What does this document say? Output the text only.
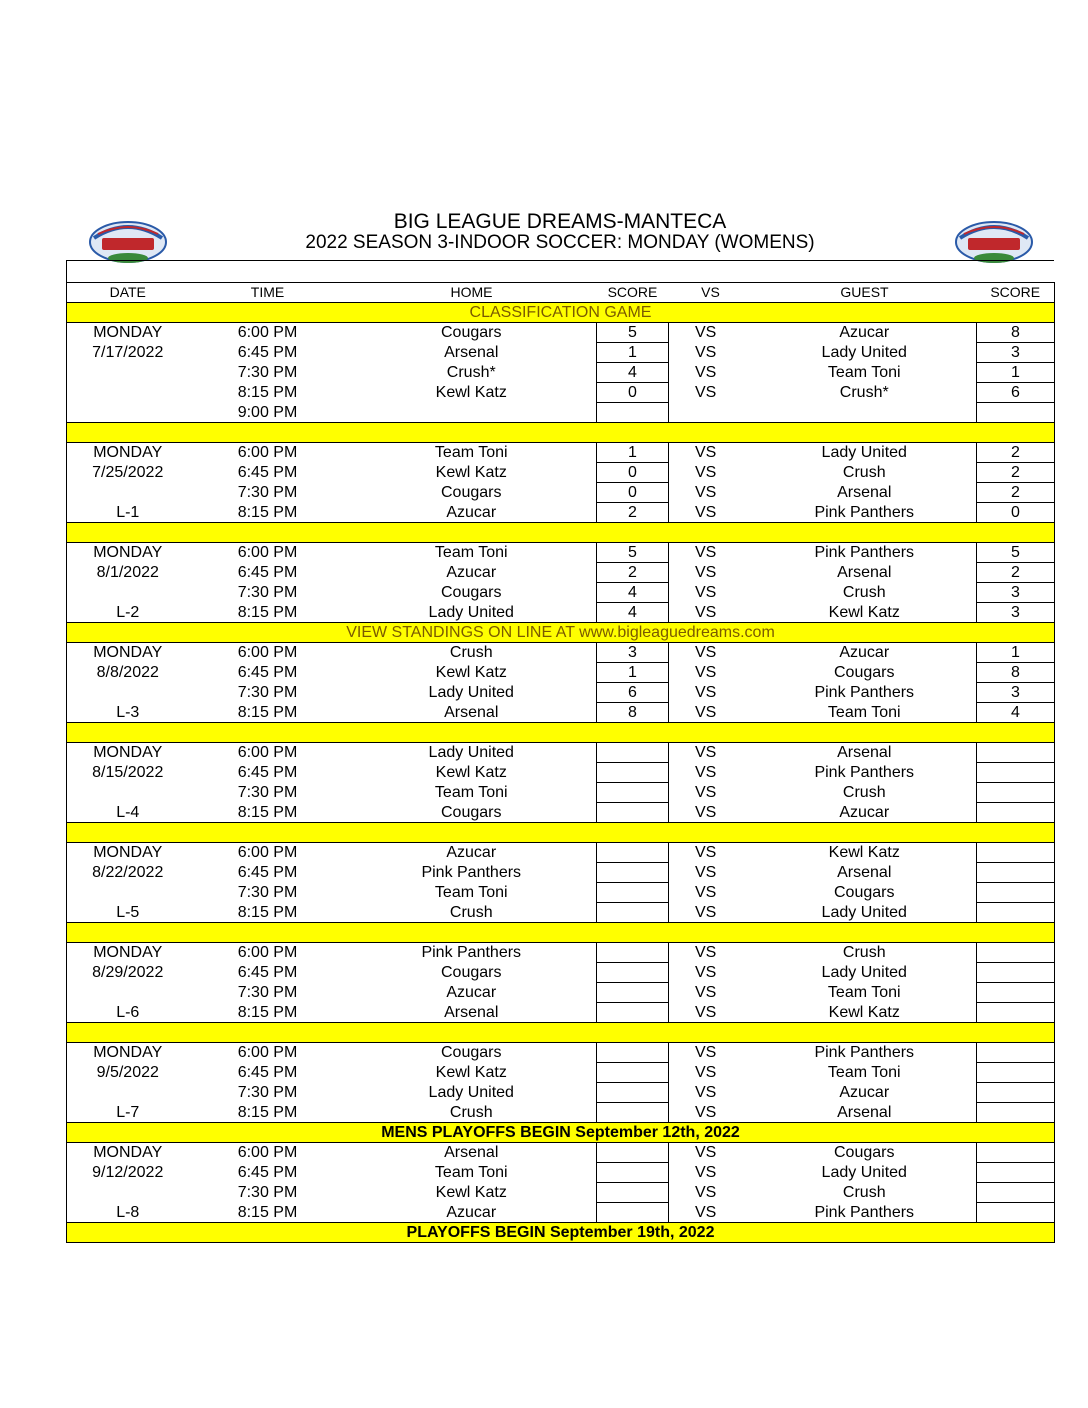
BIG LEAGUE DREAMS-MANTECA
2022 SEASON 3-INDOOR SOCCER: MONDAY (WOMENS)
DATE	TIME	HOME	SCORE	VS	GUEST	SCORE
CLASSIFICATION GAME						
MONDAY	6:00 PM	Cougars	5	VS	Azucar	8
7/17/2022	6:45 PM	Arsenal	1	VS	Lady United	3
	7:30 PM	Crush*	4	VS	Team Toni	1
	8:15 PM	Kewl Katz	0	VS	Crush*	6
	9:00 PM					

MONDAY	6:00 PM	Team Toni	1	VS	Lady United	2
7/25/2022	6:45 PM	Kewl Katz	0	VS	Crush	2
	7:30 PM	Cougars	0	VS	Arsenal	2
L-1	8:15 PM	Azucar	2	VS	Pink Panthers	0

MONDAY	6:00 PM	Team Toni	5	VS	Pink Panthers	5
8/1/2022	6:45 PM	Azucar	2	VS	Arsenal	2
	7:30 PM	Cougars	4	VS	Crush	3
L-2	8:15 PM	Lady United	4	VS	Kewl Katz	3
VIEW STANDINGS ON LINE AT www.bigleaguedreams.com						
MONDAY	6:00 PM	Crush	3	VS	Azucar	1
8/8/2022	6:45 PM	Kewl Katz	1	VS	Cougars	8
	7:30 PM	Lady United	6	VS	Pink Panthers	3
L-3	8:15 PM	Arsenal	8	VS	Team Toni	4

MONDAY	6:00 PM	Lady United		VS	Arsenal	
8/15/2022	6:45 PM	Kewl Katz		VS	Pink Panthers	
	7:30 PM	Team Toni		VS	Crush	
L-4	8:15 PM	Cougars		VS	Azucar	

MONDAY	6:00 PM	Azucar		VS	Kewl Katz	
8/22/2022	6:45 PM	Pink Panthers		VS	Arsenal	
	7:30 PM	Team Toni		VS	Cougars	
L-5	8:15 PM	Crush		VS	Lady United	

MONDAY	6:00 PM	Pink Panthers		VS	Crush	
8/29/2022	6:45 PM	Cougars		VS	Lady United	
	7:30 PM	Azucar		VS	Team Toni	
L-6	8:15 PM	Arsenal		VS	Kewl Katz	

MONDAY	6:00 PM	Cougars		VS	Pink Panthers	
9/5/2022	6:45 PM	Kewl Katz		VS	Team Toni	
	7:30 PM	Lady United		VS	Azucar	
L-7	8:15 PM	Crush		VS	Arsenal	
MENS PLAYOFFS BEGIN September 12th, 2022						
MONDAY	6:00 PM	Arsenal		VS	Cougars	
9/12/2022	6:45 PM	Team Toni		VS	Lady United	
	7:30 PM	Kewl Katz		VS	Crush	
L-8	8:15 PM	Azucar		VS	Pink Panthers	
PLAYOFFS BEGIN September 19th, 2022						
